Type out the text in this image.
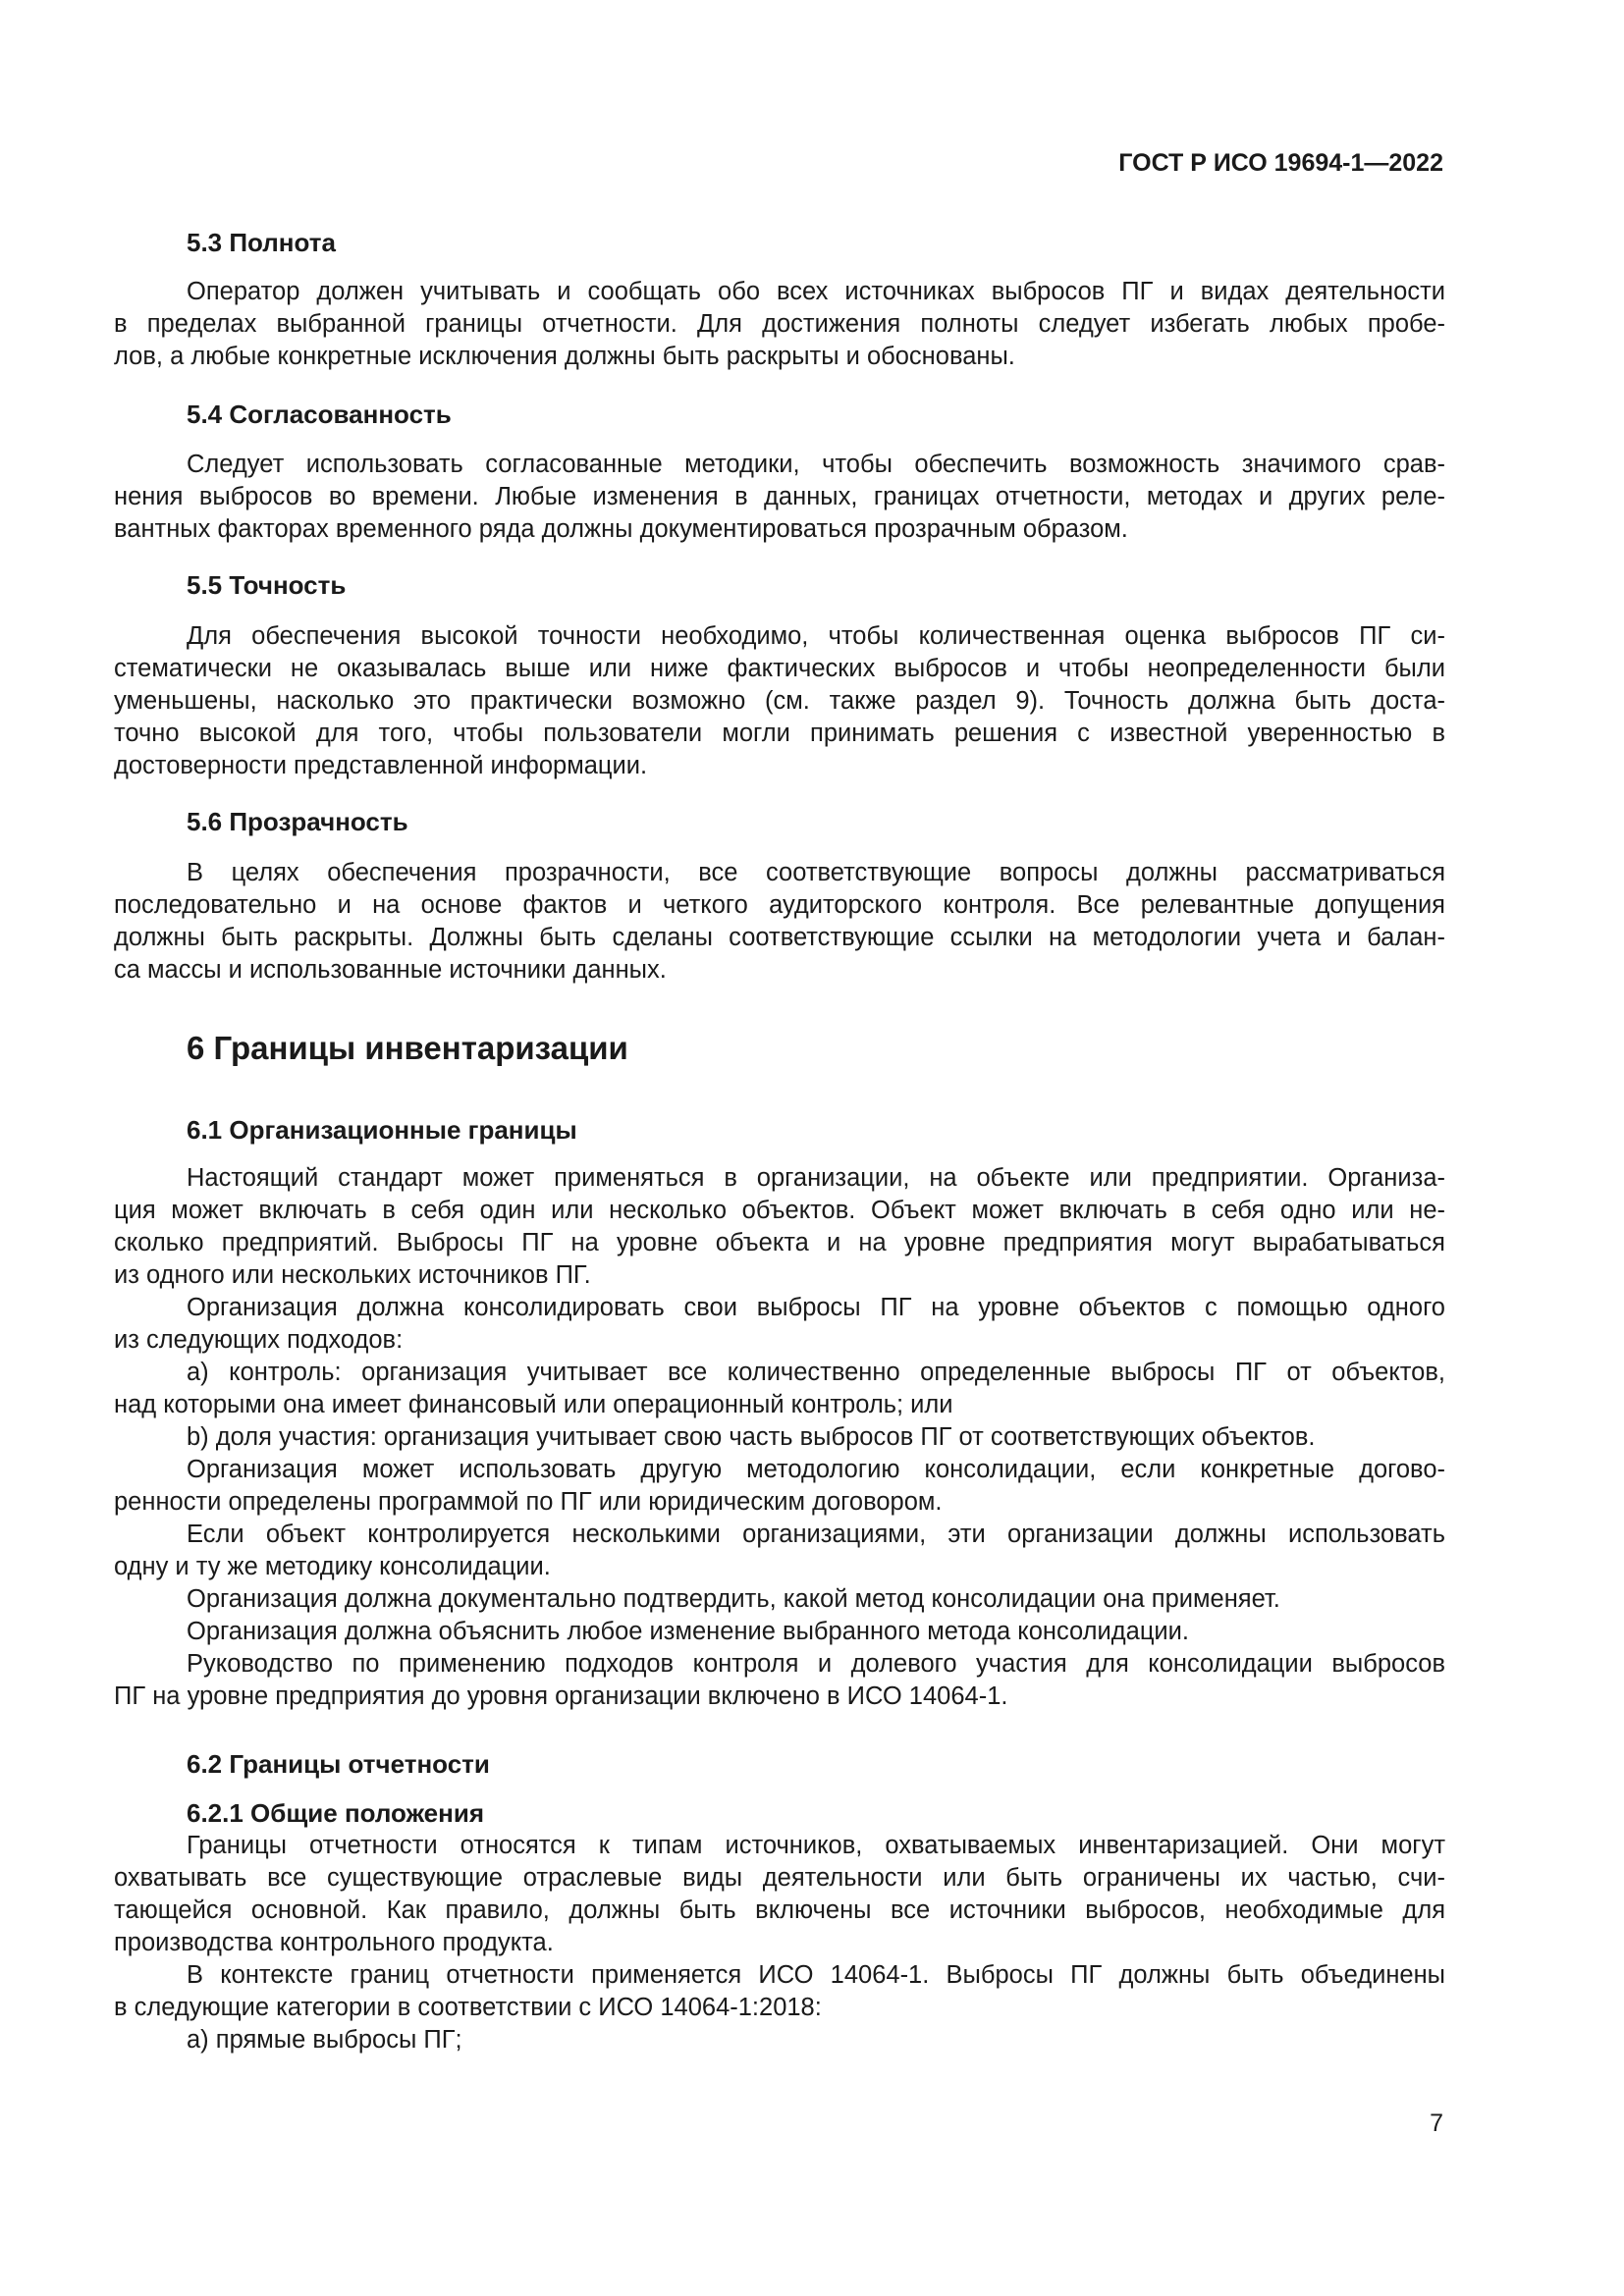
ГОСТ Р ИСО 19694-1—2022
5.3 Полнота
Оператор должен учитывать и сообщать обо всех источниках выбросов ПГ и видах деятельности
в пределах выбранной границы отчетности. Для достижения полноты следует избегать любых пробе-
лов, а любые конкретные исключения должны быть раскрыты и обоснованы.
5.4 Согласованность
Следует использовать согласованные методики, чтобы обеспечить возможность значимого срав-
нения выбросов во времени. Любые изменения в данных, границах отчетности, методах и других реле-
вантных факторах временного ряда должны документироваться прозрачным образом.
5.5 Точность
Для обеспечения высокой точности необходимо, чтобы количественная оценка выбросов ПГ си-
стематически не оказывалась выше или ниже фактических выбросов и чтобы неопределенности были
уменьшены, насколько это практически возможно (см. также раздел 9). Точность должна быть доста-
точно высокой для того, чтобы пользователи могли принимать решения с известной уверенностью в
достоверности представленной информации.
5.6 Прозрачность
В целях обеспечения прозрачности, все соответствующие вопросы должны рассматриваться
последовательно и на основе фактов и четкого аудиторского контроля. Все релевантные допущения
должны быть раскрыты. Должны быть сделаны соответствующие ссылки на методологии учета и балан-
са массы и использованные источники данных.
6 Границы инвентаризации
6.1 Организационные границы
Настоящий стандарт может применяться в организации, на объекте или предприятии. Организа-
ция может включать в себя один или несколько объектов. Объект может включать в себя одно или не-
сколько предприятий. Выбросы ПГ на уровне объекта и на уровне предприятия могут вырабатываться
из одного или нескольких источников ПГ.
Организация должна консолидировать свои выбросы ПГ на уровне объектов с помощью одного
из следующих подходов:
a) контроль: организация учитывает все количественно определенные выбросы ПГ от объектов,
над которыми она имеет финансовый или операционный контроль; или
b) доля участия: организация учитывает свою часть выбросов ПГ от соответствующих объектов.
Организация может использовать другую методологию консолидации, если конкретные догово-
ренности определены программой по ПГ или юридическим договором.
Если объект контролируется несколькими организациями, эти организации должны использовать
одну и ту же методику консолидации.
Организация должна документально подтвердить, какой метод консолидации она применяет.
Организация должна объяснить любое изменение выбранного метода консолидации.
Руководство по применению подходов контроля и долевого участия для консолидации выбросов
ПГ на уровне предприятия до уровня организации включено в ИСО 14064-1.
6.2 Границы отчетности
6.2.1 Общие положения
Границы отчетности относятся к типам источников, охватываемых инвентаризацией. Они могут
охватывать все существующие отраслевые виды деятельности или быть ограничены их частью, счи-
тающейся основной. Как правило, должны быть включены все источники выбросов, необходимые для
производства контрольного продукта.
В контексте границ отчетности применяется ИСО 14064-1. Выбросы ПГ должны быть объединены
в следующие категории в соответствии с ИСО 14064-1:2018:
a) прямые выбросы ПГ;
7
